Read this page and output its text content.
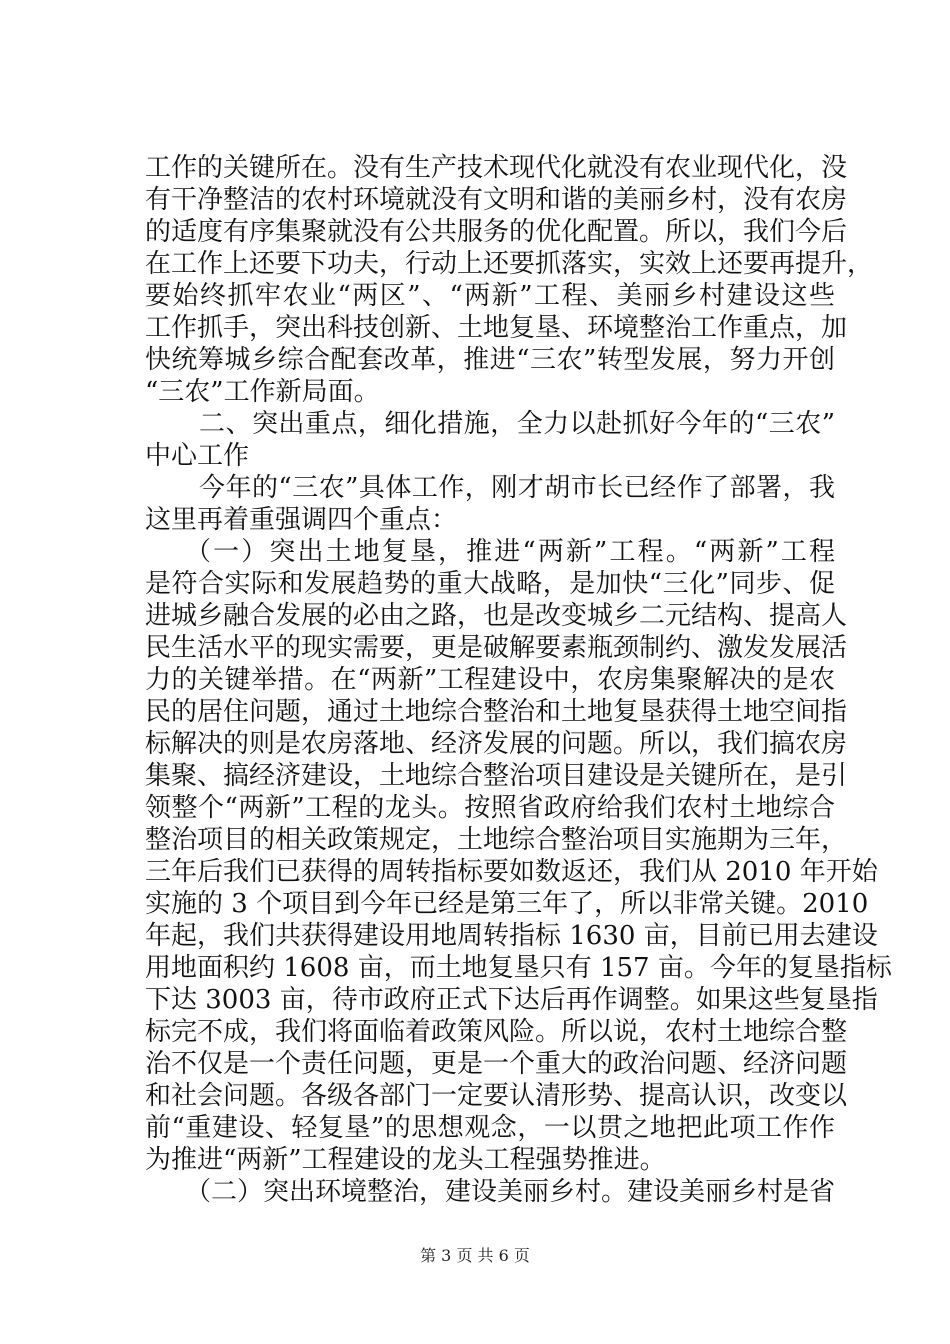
工作的关键所在。没有生产技术现代化就没有农业现代化，没
有干净整洁的农村环境就没有文明和谐的美丽乡村，没有农房
的适度有序集聚就没有公共服务的优化配置。所以，我们今后
在工作上还要下功夫，行动上还要抓落实，实效上还要再提升，
要始终抓牢农业“两区”、“两新”工程、美丽乡村建设这些
工作抓手，突出科技创新、土地复垦、环境整治工作重点，加
快统筹城乡综合配套改革，推进“三农”转型发展，努力开创
“三农”工作新局面。
二、突出重点，细化措施，全力以赴抓好今年的“三农”
中心工作
今年的“三农”具体工作，刚才胡市长已经作了部署，我
这里再着重强调四个重点：
（一）突出土地复垦，推进“两新”工程。“两新”工程
是符合实际和发展趋势的重大战略，是加快“三化”同步、促
进城乡融合发展的必由之路，也是改变城乡二元结构、提高人
民生活水平的现实需要，更是破解要素瓶颈制约、激发发展活
力的关键举措。在“两新”工程建设中，农房集聚解决的是农
民的居住问题，通过土地综合整治和土地复垦获得土地空间指
标解决的则是农房落地、经济发展的问题。所以，我们搞农房
集聚、搞经济建设，土地综合整治项目建设是关键所在，是引
领整个“两新”工程的龙头。按照省政府给我们农村土地综合
整治项目的相关政策规定，土地综合整治项目实施期为三年，
三年后我们已获得的周转指标要如数返还，我们从 2010 年开始
实施的 3 个项目到今年已经是第三年了，所以非常关键。2010
年起，我们共获得建设用地周转指标 1630 亩，目前已用去建设
用地面积约 1608 亩，而土地复垦只有 157 亩。今年的复垦指标
下达 3003 亩，待市政府正式下达后再作调整。如果这些复垦指
标完不成，我们将面临着政策风险。所以说，农村土地综合整
治不仅是一个责任问题，更是一个重大的政治问题、经济问题
和社会问题。各级各部门一定要认清形势、提高认识，改变以
前“重建设、轻复垦”的思想观念，一以贯之地把此项工作作
为推进“两新”工程建设的龙头工程强势推进。
（二）突出环境整治，建设美丽乡村。建设美丽乡村是省
第 3 页 共 6 页
